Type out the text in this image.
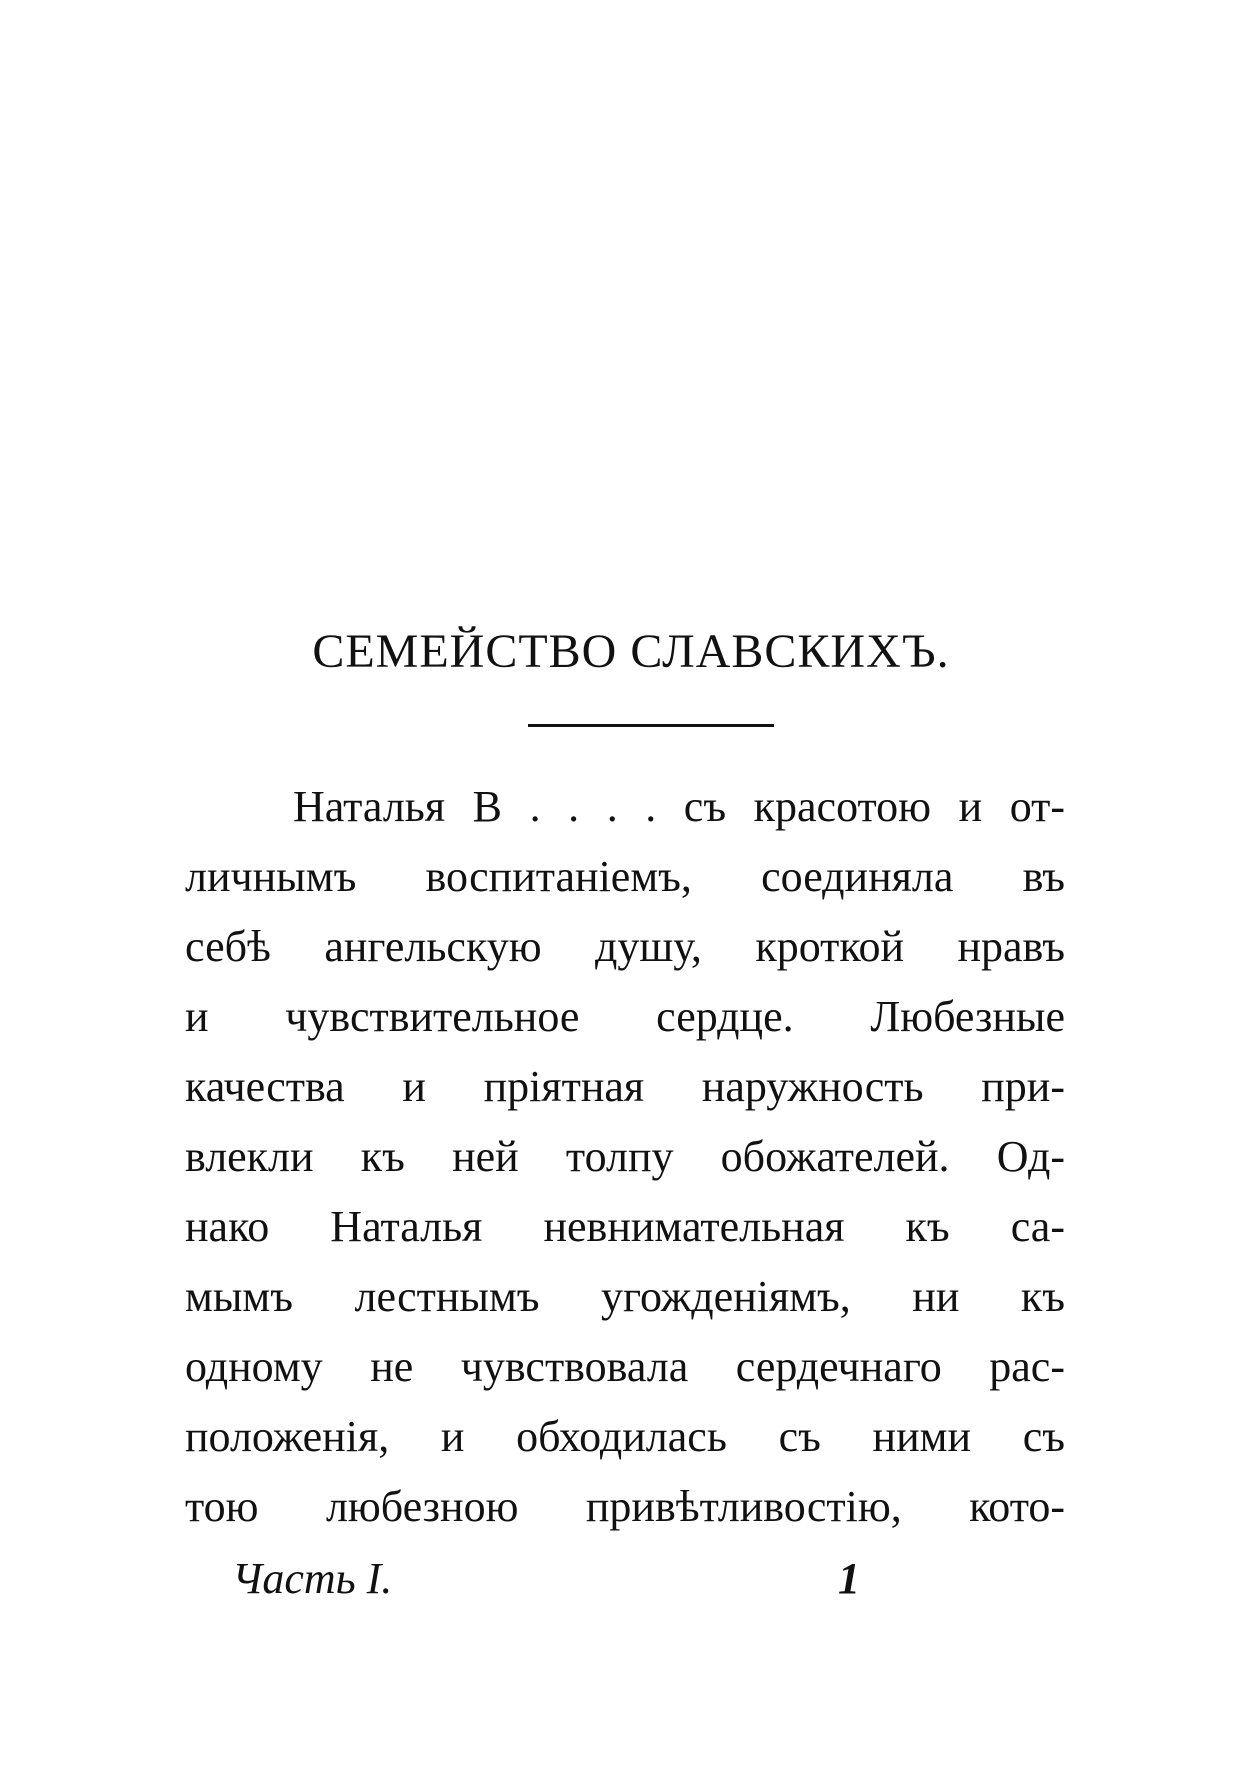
СЕМЕЙСТВО СЛАВСКИХЪ.
Наталья В . . . . съ красотою и от-
личнымъ воспитаніемъ, соединяла въ
себѣ ангельскую душу, кроткой нравъ
и чувствительное сердце. Любезные
качества и пріятная наружность при-
влекли къ ней толпу обожателей. Од-
нако Наталья невнимательная къ са-
мымъ лестнымъ угожденіямъ, ни къ
одному не чувствовала сердечнаго рас-
положенія, и обходилась съ ними съ
тою любезною привѣтливостію, кото-
Часть I.	1
